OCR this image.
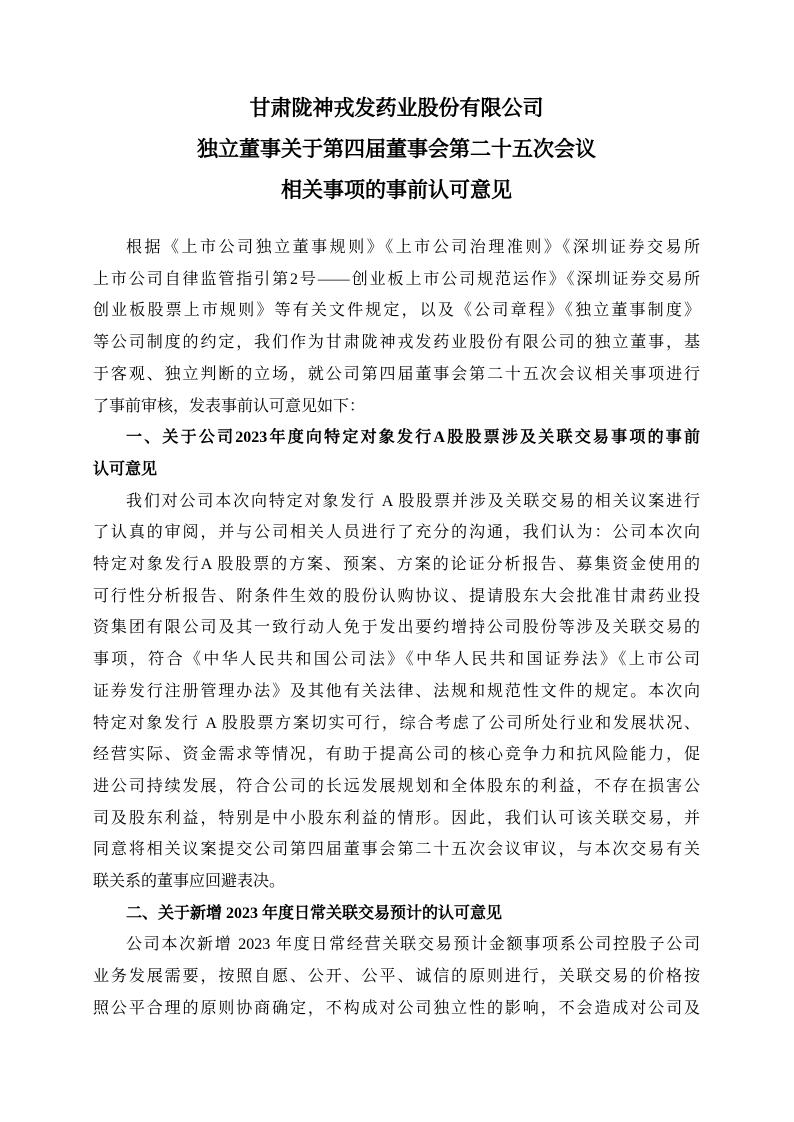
甘肃陇神戎发药业股份有限公司
独立董事关于第四届董事会第二十五次会议
相关事项的事前认可意见
根据《上市公司独立董事规则》《上市公司治理准则》《深圳证券交易所
上市公司自律监管指引第2号——创业板上市公司规范运作》《深圳证券交易所
创业板股票上市规则》等有关文件规定，以及《公司章程》《独立董事制度》
等公司制度的约定，我们作为甘肃陇神戎发药业股份有限公司的独立董事，基
于客观、独立判断的立场，就公司第四届董事会第二十五次会议相关事项进行
了事前审核，发表事前认可意见如下：
一、关于公司2023年度向特定对象发行A股股票涉及关联交易事项的事前
认可意见
我们对公司本次向特定对象发行 A 股股票并涉及关联交易的相关议案进行
了认真的审阅，并与公司相关人员进行了充分的沟通，我们认为：公司本次向
特定对象发行A 股股票的方案、预案、方案的论证分析报告、募集资金使用的
可行性分析报告、附条件生效的股份认购协议、提请股东大会批准甘肃药业投
资集团有限公司及其一致行动人免于发出要约增持公司股份等涉及关联交易的
事项，符合《中华人民共和国公司法》《中华人民共和国证券法》《上市公司
证券发行注册管理办法》及其他有关法律、法规和规范性文件的规定。本次向
特定对象发行 A 股股票方案切实可行，综合考虑了公司所处行业和发展状况、
经营实际、资金需求等情况，有助于提高公司的核心竞争力和抗风险能力，促
进公司持续发展，符合公司的长远发展规划和全体股东的利益，不存在损害公
司及股东利益，特别是中小股东利益的情形。因此，我们认可该关联交易，并
同意将相关议案提交公司第四届董事会第二十五次会议审议，与本次交易有关
联关系的董事应回避表决。
二、关于新增 2023 年度日常关联交易预计的认可意见
公司本次新增 2023 年度日常经营关联交易预计金额事项系公司控股子公司
业务发展需要，按照自愿、公开、公平、诚信的原则进行，关联交易的价格按
照公平合理的原则协商确定，不构成对公司独立性的影响，不会造成对公司及
